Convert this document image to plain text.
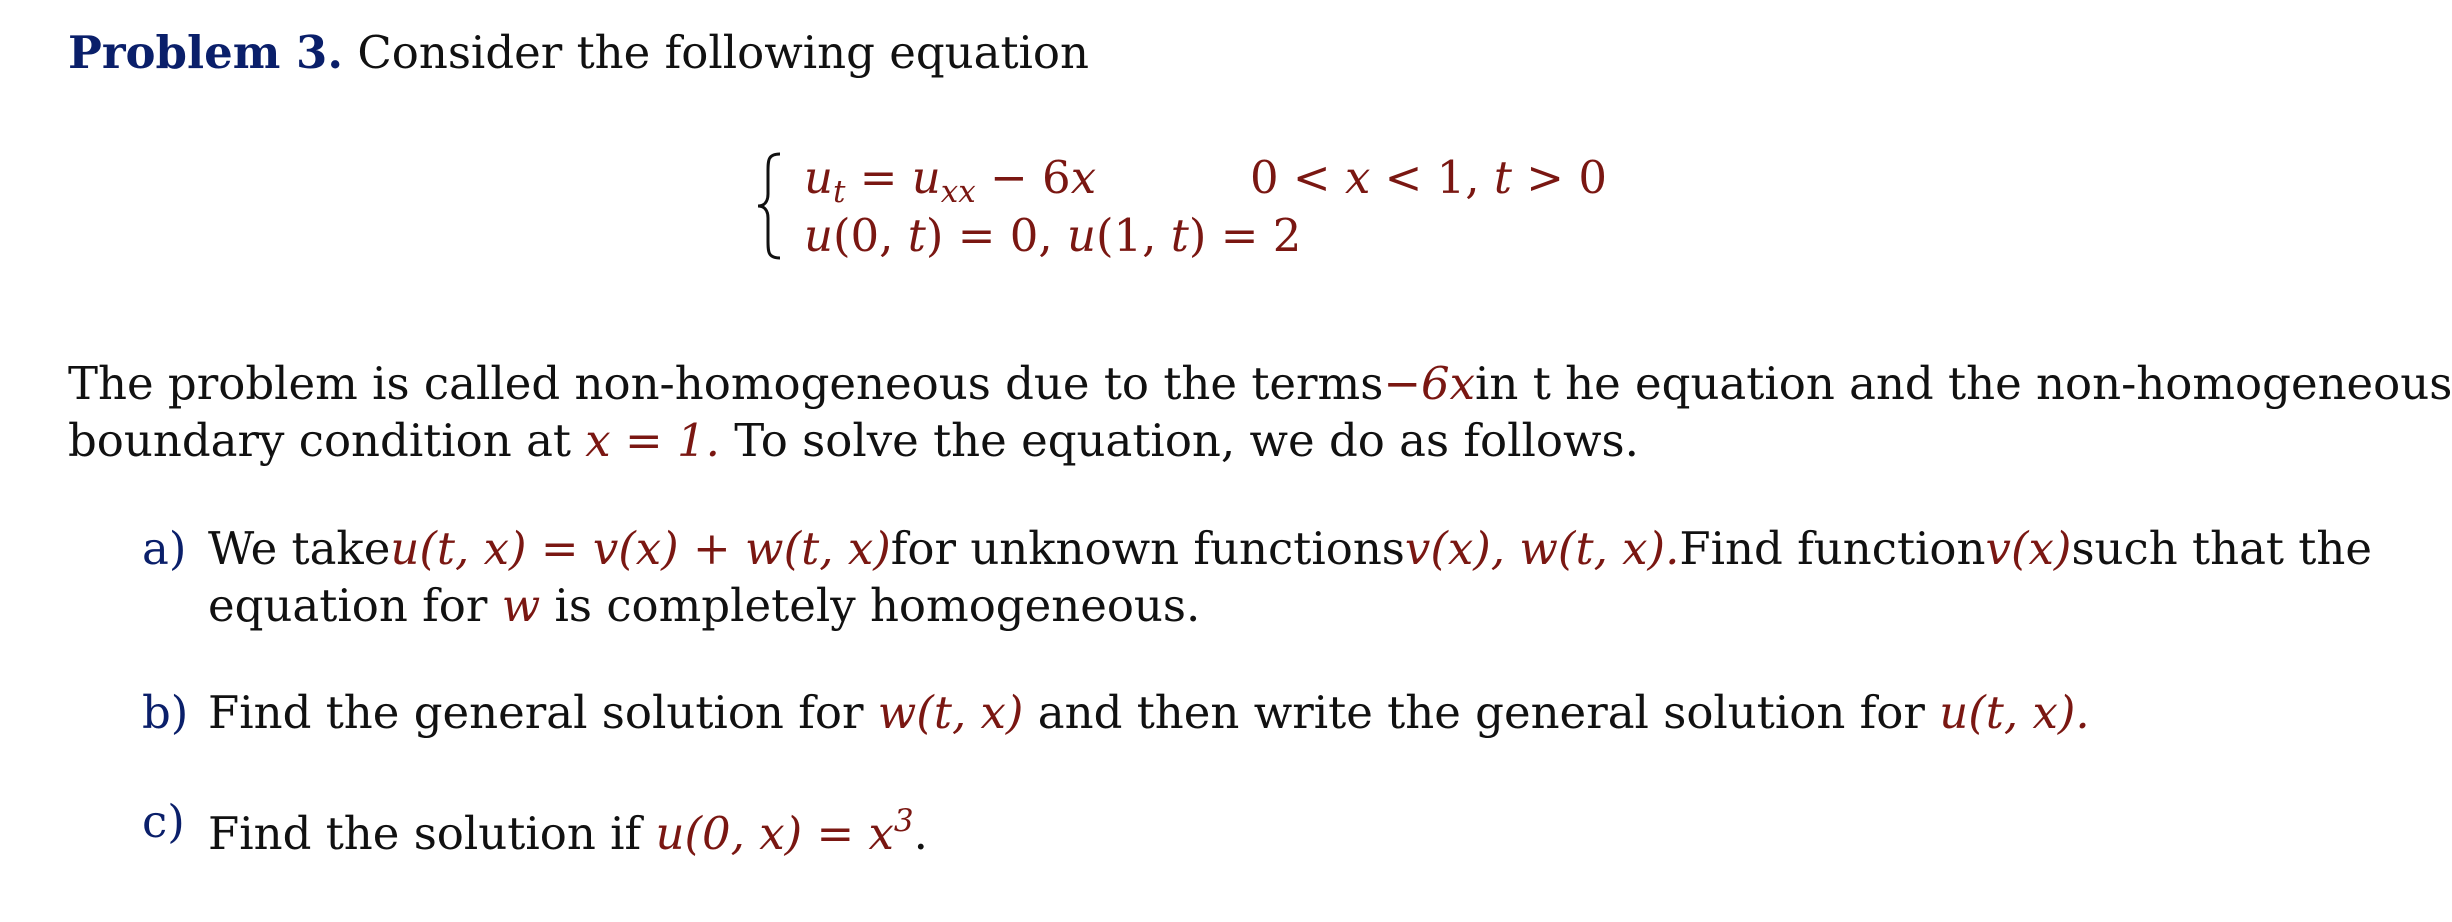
Problem 3. Consider the following equation
$u_t = u_{xx} - 6x$	0 < x < 1, t > 0
u(0, t) = 0, u(1, t) = 2
The problem is called non-homogeneous due to the terms −6x in t he equation and the non-homogeneous
boundary condition at x = 1. To solve the equation, we do as follows.
a) We take u(t, x) = v(x) + w(t, x) for unknown functions v(x), w(t, x). Find function v(x) such that the
equation for w is completely homogeneous.
b) Find the general solution for w(t, x) and then write the general solution for u(t, x).
c) Find the solution if u(0, $x) = x^3$.
